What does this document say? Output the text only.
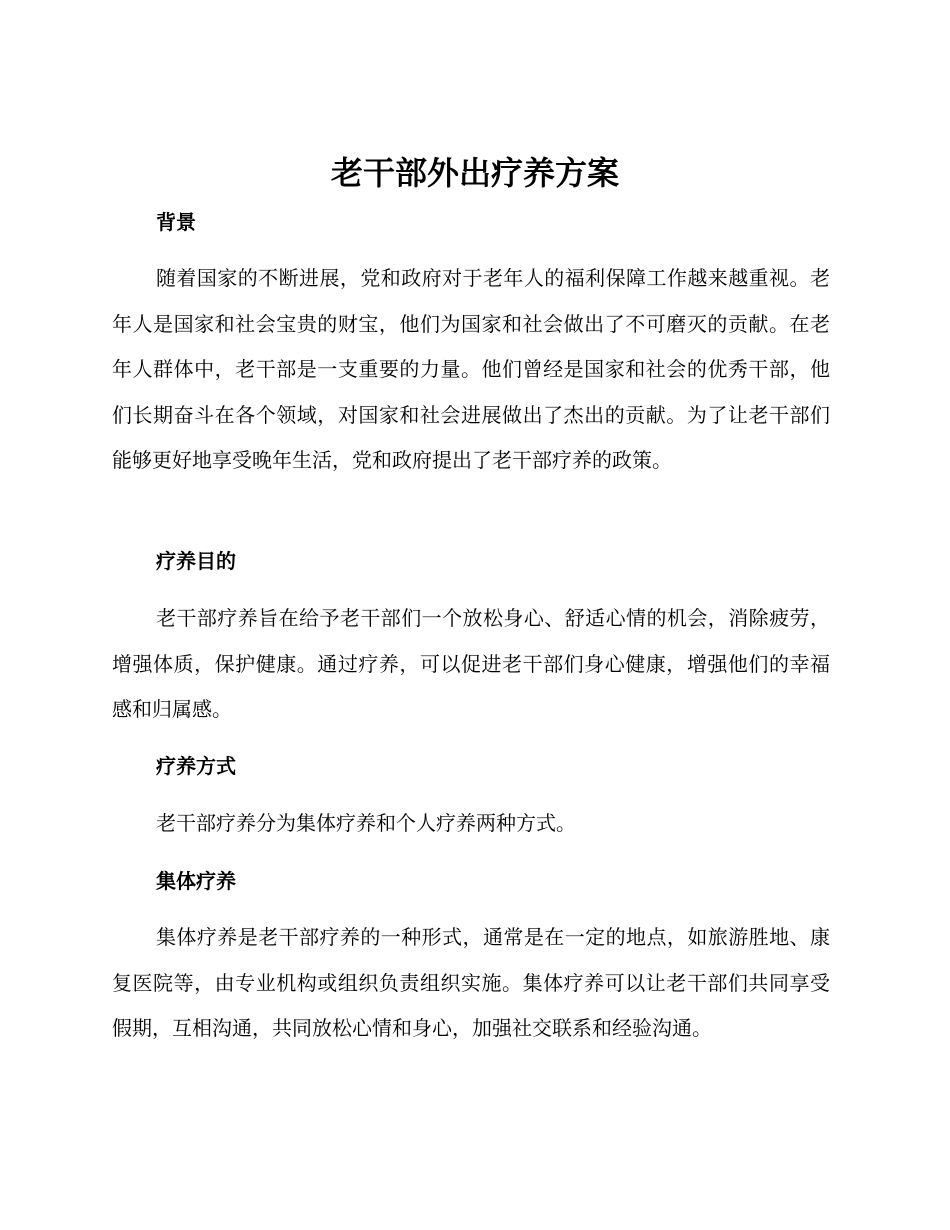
老干部外出疗养方案
背景

随着国家的不断进展，党和政府对于老年人的福利保障工作越来越重视。老年人是国家和社会宝贵的财宝，他们为国家和社会做出了不可磨灭的贡献。在老年人群体中，老干部是一支重要的力量。他们曾经是国家和社会的优秀干部，他们长期奋斗在各个领域，对国家和社会进展做出了杰出的贡献。为了让老干部们能够更好地享受晚年生活，党和政府提出了老干部疗养的政策。

疗养目的

老干部疗养旨在给予老干部们一个放松身心、舒适心情的机会，消除疲劳，增强体质，保护健康。通过疗养，可以促进老干部们身心健康，增强他们的幸福感和归属感。

疗养方式

老干部疗养分为集体疗养和个人疗养两种方式。

集体疗养

集体疗养是老干部疗养的一种形式，通常是在一定的地点，如旅游胜地、康复医院等，由专业机构或组织负责组织实施。集体疗养可以让老干部们共同享受假期，互相沟通，共同放松心情和身心，加强社交联系和经验沟通。
